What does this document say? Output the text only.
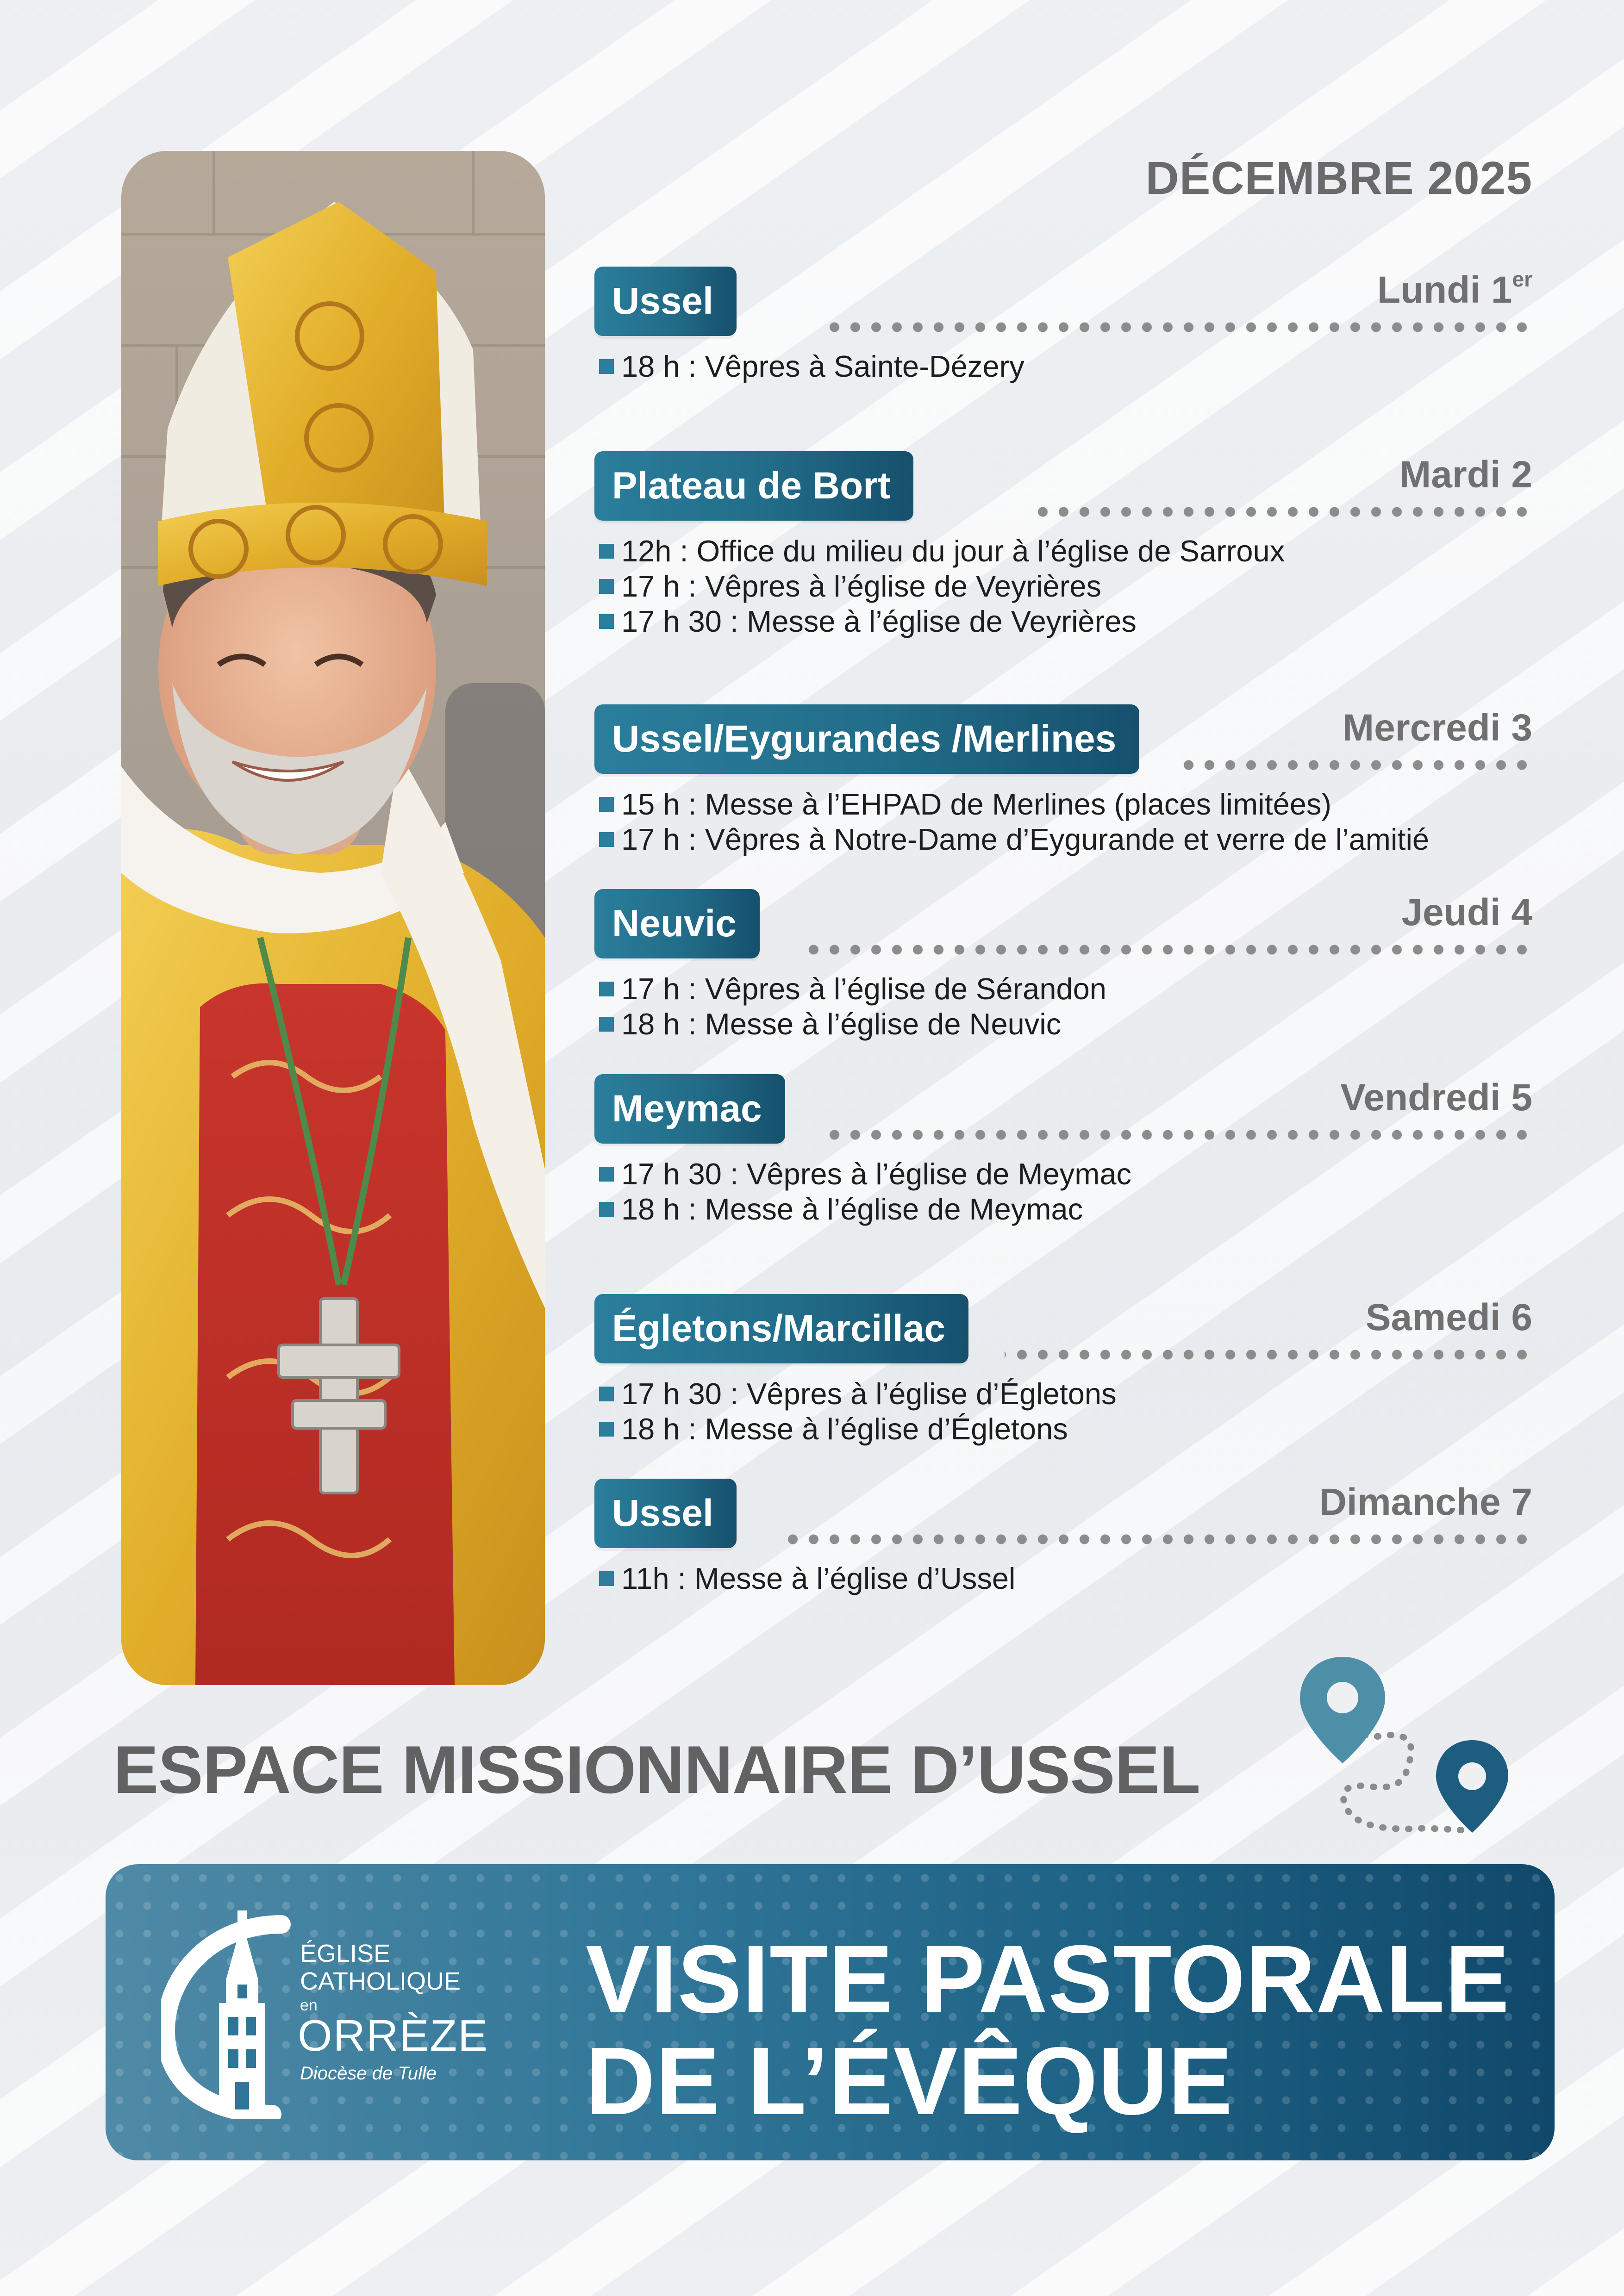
DÉCEMBRE 2025
Ussel	Lundi 1er
18 h : Vêpres à Sainte-Dézery
Plateau de Bort	Mardi 2
12h : Office du milieu du jour à l’église de Sarroux
17 h : Vêpres à l’église de Veyrières
17 h 30 : Messe à l’église de Veyrières
Ussel/Eygurandes /Merlines	Mercredi 3
15 h : Messe à l’EHPAD de Merlines (places limitées)
17 h : Vêpres à Notre-Dame d’Eygurande et verre de l’amitié
Neuvic	Jeudi 4
17 h : Vêpres à l’église de Sérandon
18 h : Messe à l’église de Neuvic
Meymac	Vendredi 5
17 h 30 : Vêpres à l’église de Meymac
18 h : Messe à l’église de Meymac
Égletons/Marcillac	Samedi 6
17 h 30 : Vêpres à l’église d’Égletons
18 h : Messe à l’église d’Égletons
Ussel	Dimanche 7
11h : Messe à l’église d’Ussel
ESPACE MISSIONNAIRE D’USSEL
ÉGLISE
CATHOLIQUE
en
ORRÈZE
Diocèse de Tulle
VISITE PASTORALE
DE L’ÉVÊQUE
